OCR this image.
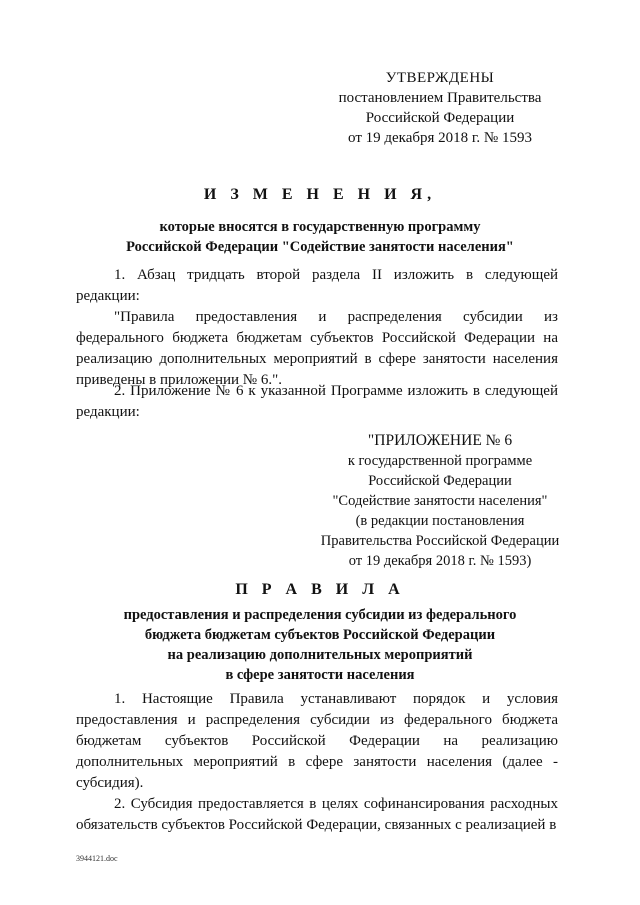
УТВЕРЖДЕНЫ
постановлением Правительства
Российской Федерации
от 19 декабря 2018 г. № 1593
И З М Е Н Е Н И Я,
которые вносятся в государственную программу
Российской Федерации "Содействие занятости населения"
1. Абзац тридцать второй раздела II изложить в следующей редакции:
"Правила предоставления и распределения субсидии из федерального бюджета бюджетам субъектов Российской Федерации на реализацию дополнительных мероприятий в сфере занятости населения приведены в приложении № 6.".
2. Приложение № 6 к указанной Программе изложить в следующей редакции:
"ПРИЛОЖЕНИЕ № 6
к государственной программе
Российской Федерации
"Содействие занятости населения"
(в редакции постановления
Правительства Российской Федерации
от 19 декабря 2018 г. № 1593)
П Р А В И Л А
предоставления и распределения субсидии из федерального
бюджета бюджетам субъектов Российской Федерации
на реализацию дополнительных мероприятий
в сфере занятости населения
1. Настоящие Правила устанавливают порядок и условия предоставления и распределения субсидии из федерального бюджета бюджетам субъектов Российской Федерации на реализацию дополнительных мероприятий в сфере занятости населения (далее - субсидия).
2. Субсидия предоставляется в целях софинансирования расходных обязательств субъектов Российской Федерации, связанных с реализацией в
3944121.doc
